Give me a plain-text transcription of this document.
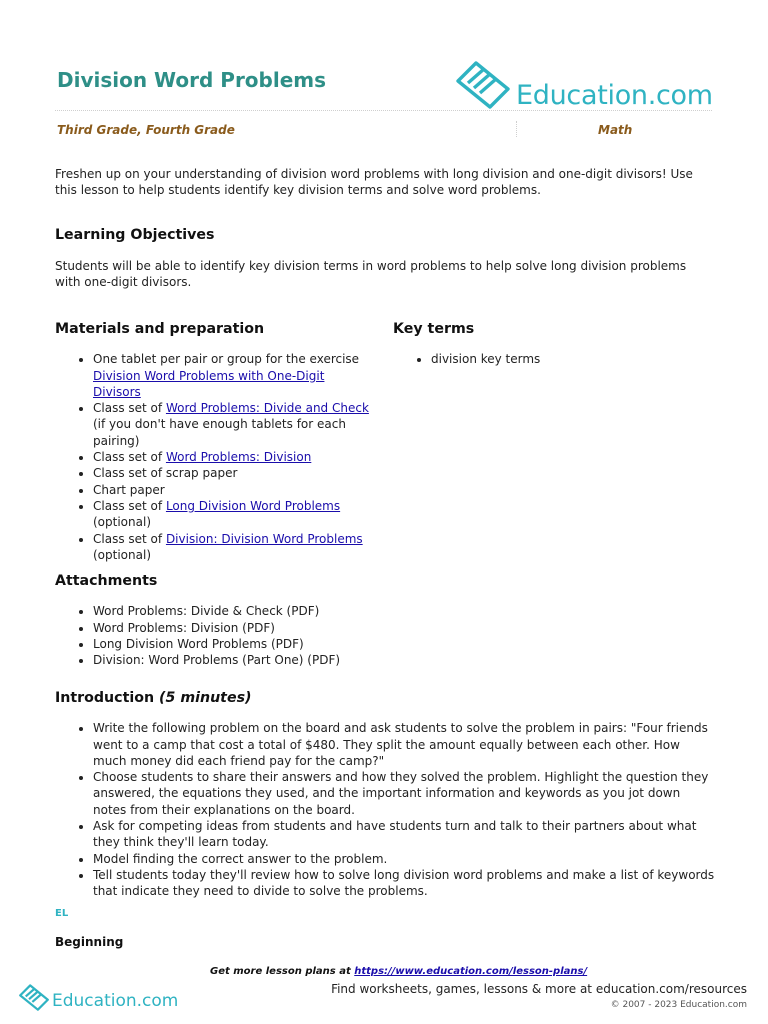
Division Word Problems	Education.com
Third Grade, Fourth Grade	Math

Freshen up on your understanding of division word problems with long division and one-digit divisors! Use this lesson to help students identify key division terms and solve word problems.

Learning Objectives

Students will be able to identify key division terms in word problems to help solve long division problems with one-digit divisors.

Materials and preparation
• One tablet per pair or group for the exercise Division Word Problems with One-Digit Divisors
• Class set of Word Problems: Divide and Check (if you don't have enough tablets for each pairing)
• Class set of Word Problems: Division
• Class set of scrap paper
• Chart paper
• Class set of Long Division Word Problems
(optional)
• Class set of Division: Division Word Problems
(optional)
Key terms
• division key terms
Attachments
• Word Problems: Divide & Check (PDF)
• Word Problems: Division (PDF)
• Long Division Word Problems (PDF)
• Division: Word Problems (Part One) (PDF)
Introduction (5 minutes)
• Write the following problem on the board and ask students to solve the problem in pairs: "Four friends went to a camp that cost a total of $480. They split the amount equally between each other. How much money did each friend pay for the camp?"
• Choose students to share their answers and how they solved the problem. Highlight the question they answered, the equations they used, and the important information and keywords as you jot down notes from their explanations on the board.
• Ask for competing ideas from students and have students turn and talk to their partners about what they think they'll learn today.
• Model finding the correct answer to the problem.
• Tell students today they'll review how to solve long division word problems and make a list of keywords that indicate they need to divide to solve the problems.
EL
Beginning
Get more lesson plans at https://www.education.com/lesson-plans/
Education.com
Find worksheets, games, lessons & more at education.com/resources
© 2007 - 2023 Education.com
